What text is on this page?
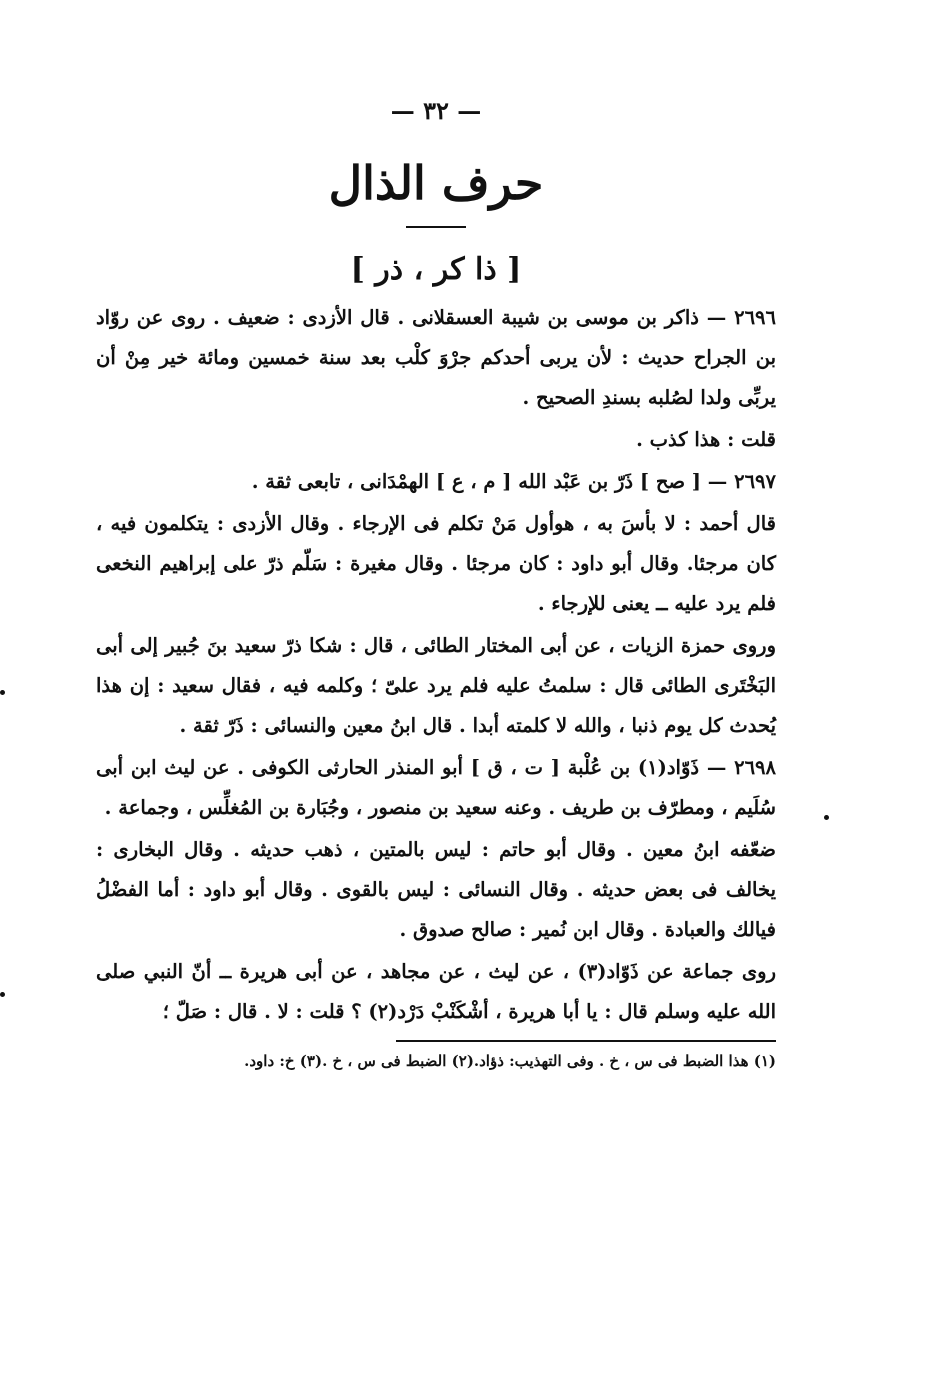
— ٣٢ —
حرف الذال
[ ذا كر ، ذر ]

٢٦٩٦ — ذاكر بن موسى بن شيبة العسقلانى . قال الأزدى : ضعيف . روى عن روّاد بن الجراح حديث : لأن يربى أحدكم جرْوَ كلْب بعد سنة خمسين ومائة خير مِنْ أن يربِّى ولدا لصُلبه بسندِ الصحيح .

قلت : هذا كذب .

٢٦٩٧ — [ صح ] ذَرّ بن عَبْد الله [ م ، ع ] الهمْدَانى ، تابعى ثقة .

قال أحمد : لا بأسَ به ، هوأول مَنْ تكلم فى الإرجاء . وقال الأزدى : يتكلمون فيه ، كان مرجئا. وقال أبو داود : كان مرجئا . وقال مغيرة : سَلّم ذرّ على إبراهيم النخعى فلم يرد عليه ــ يعنى للإرجاء .

وروى حمزة الزيات ، عن أبى المختار الطائى ، قال : شكا ذرّ سعيد بنَ جُبير إلى أبى البَخْتَرى الطائى قال : سلمتُ عليه فلم يرد علىّ ؛ وكلمه فيه ، فقال سعيد : إن هذا يُحدث كل يوم ذنبا ، والله لا كلمته أبدا . قال ابنُ معين والنسائى : ذَرّ ثقة .

٢٦٩٨ — ذَوّاد(١) بن عُلْبة [ ت ، ق ] أبو المنذر الحارثى الكوفى . عن ليث ابن أبى سُلَيم ، ومطرّف بن طريف . وعنه سعيد بن منصور ، وجُبَارة بن المُغلِّس ، وجماعة .

ضعّفه ابنُ معين . وقال أبو حاتم : ليس بالمتين ، ذهب حديثه . وقال البخارى : يخالف فى بعض حديثه . وقال النسائى : ليس بالقوى . وقال أبو داود : أما الفضْلُ فيالك والعبادة . وقال ابن نُمير : صالح صدوق .

روى جماعة عن ذَوّاد(٣) ، عن ليث ، عن مجاهد ، عن أبى هريرة ــ أنّ النبي صلى الله عليه وسلم قال : يا أبا هريرة ، أشْكَنْبْ دَرْد(٢) ؟ قلت : لا . قال : صَلّ ؛

(١) هذا الضبط فى س ، خ . وفى التهذيب: ذؤاد.(٢) الضبط فى س ، خ .(٣) خ: داود.
